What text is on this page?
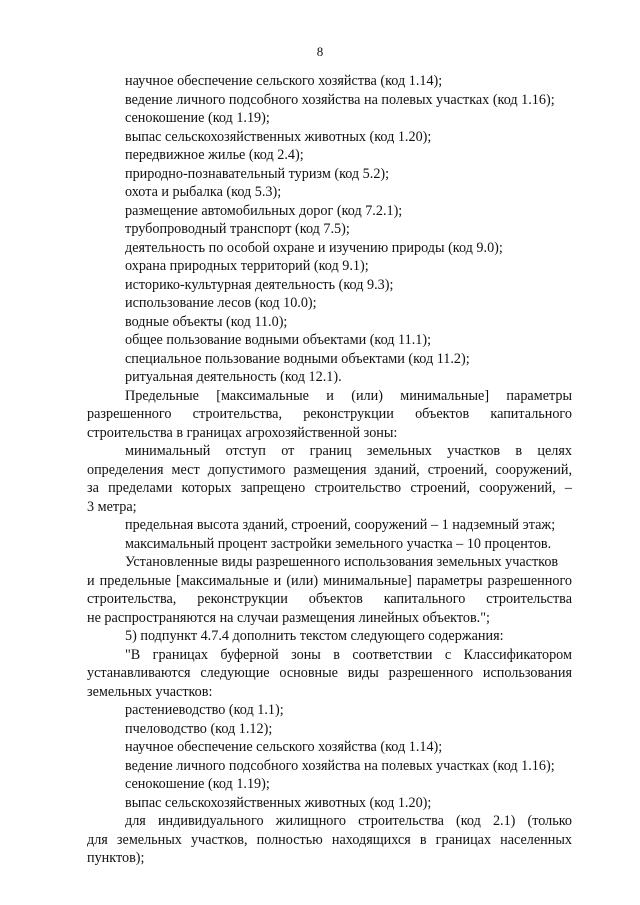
8
научное обеспечение сельского хозяйства (код 1.14);
ведение личного подсобного хозяйства на полевых участках (код 1.16);
сенокошение (код 1.19);
выпас сельскохозяйственных животных (код 1.20);
передвижное жилье (код 2.4);
природно-познавательный туризм (код 5.2);
охота и рыбалка (код 5.3);
размещение автомобильных дорог (код 7.2.1);
трубопроводный транспорт (код 7.5);
деятельность по особой охране и изучению природы (код 9.0);
охрана природных территорий (код 9.1);
историко-культурная деятельность (код 9.3);
использование лесов (код 10.0);
водные объекты (код 11.0);
общее пользование водными объектами (код 11.1);
специальное пользование водными объектами (код 11.2);
ритуальная деятельность (код 12.1).
Предельные [максимальные и (или) минимальные] параметры
разрешенного строительства, реконструкции объектов капитального
строительства в границах агрохозяйственной зоны:
минимальный отступ от границ земельных участков в целях
определения мест допустимого размещения зданий, строений, сооружений,
за пределами которых запрещено строительство строений, сооружений, –
3 метра;
предельная высота зданий, строений, сооружений – 1 надземный этаж;
максимальный процент застройки земельного участка – 10 процентов.
Установленные виды разрешенного использования земельных участков
и предельные [максимальные и (или) минимальные] параметры разрешенного
строительства, реконструкции объектов капитального строительства
не распространяются на случаи размещения линейных объектов.";
5) подпункт 4.7.4 дополнить текстом следующего содержания:
"В границах буферной зоны в соответствии с Классификатором
устанавливаются следующие основные виды разрешенного использования
земельных участков:
растениеводство (код 1.1);
пчеловодство (код 1.12);
научное обеспечение сельского хозяйства (код 1.14);
ведение личного подсобного хозяйства на полевых участках (код 1.16);
сенокошение (код 1.19);
выпас сельскохозяйственных животных (код 1.20);
для индивидуального жилищного строительства (код 2.1) (только
для земельных участков, полностью находящихся в границах населенных
пунктов);
